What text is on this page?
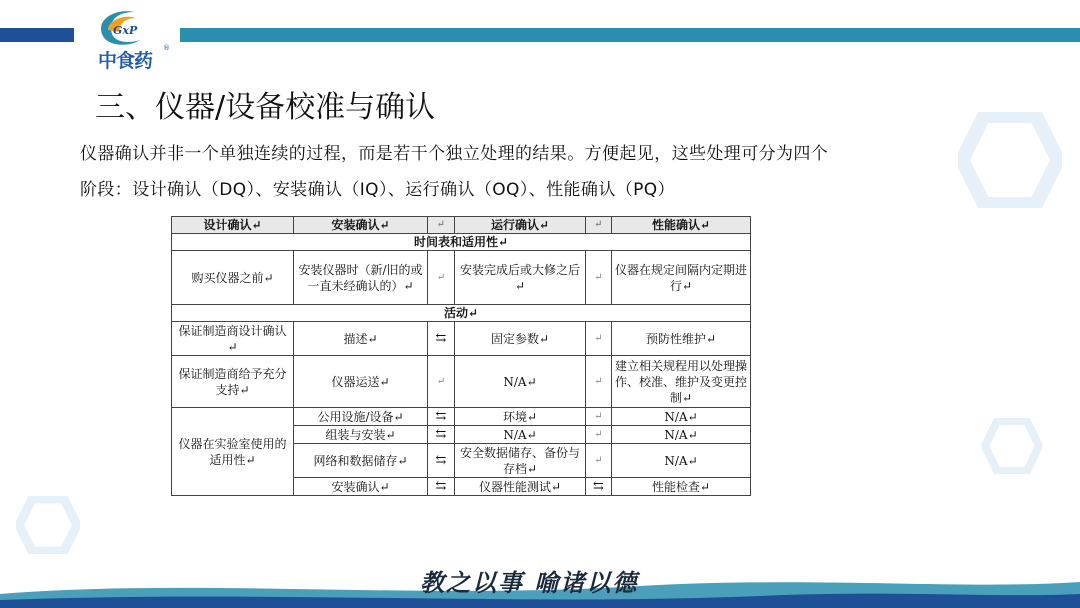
GxP
中食药
®
三、仪器/设备校准与确认

仪器确认并非一个单独连续的过程，而是若干个独立处理的结果。方便起见，这些处理可分为四个

阶段：设计确认（DQ）、安装确认（IQ）、运行确认（OQ）、性能确认（PQ）

设计确认↵	安装确认↵	↵	运行确认↵	↵	性能确认↵
时间表和适用性↵					
购买仪器之前↵	安装仪器时（新/旧的或一直未经确认的）↵	↵	安装完成后或大修之后↵	↵	仪器在规定间隔内定期进行↵
活动↵					
保证制造商设计确认↵	描述↵	⇆	固定参数↵	↵	预防性维护↵
保证制造商给予充分支持↵	仪器运送↵	↵	N/A↵	↵	建立相关规程用以处理操作、校准、维护及变更控制↵
仪器在实验室使用的适用性↵	公用设施/设备↵	⇆	环境↵	↵	N/A↵
	组装与安装↵	⇆	N/A↵	↵	N/A↵
	网络和数据储存↵	⇆	安全数据储存、备份与存档↵	↵	N/A↵
	安装确认↵	⇆	仪器性能测试↵	⇆	性能检查↵
教之以事 喻诸以德
